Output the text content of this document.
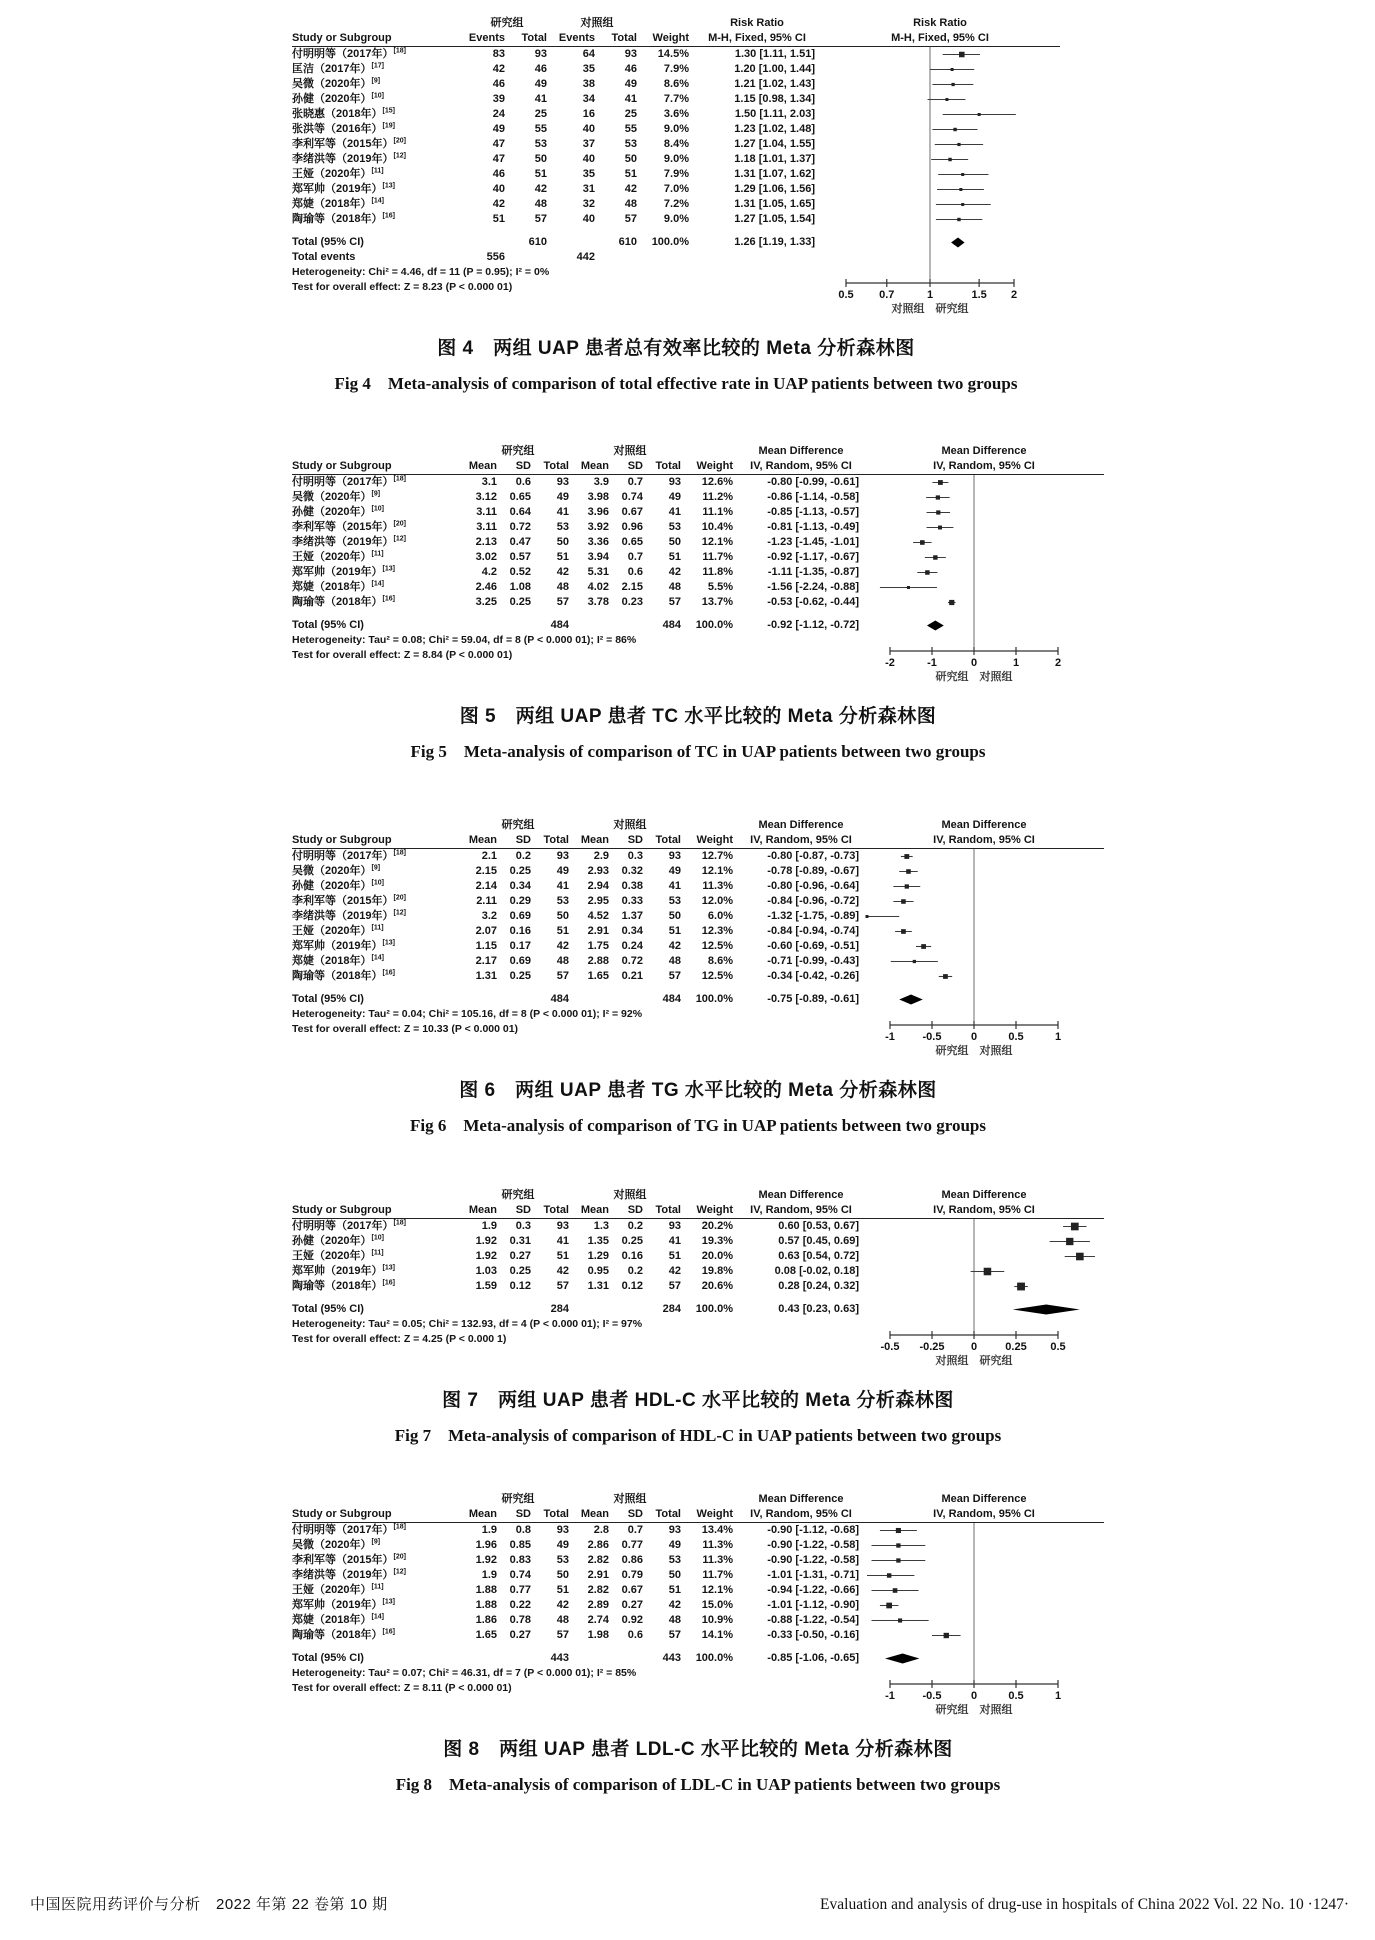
研究组	对照组	Risk Ratio	Risk Ratio
Study or Subgroup	Events	Total	Events	Total	Weight	M-H, Fixed, 95% CI	M-H, Fixed, 95% CI
付明明等（2017年）[18]	83	93	64	93	14.5%	1.30 [1.11, 1.51]
匡洁（2017年）[17]	42	46	35	46	7.9%	1.20 [1.00, 1.44]
吴微（2020年）[9]	46	49	38	49	8.6%	1.21 [1.02, 1.43]
孙健（2020年）[10]	39	41	34	41	7.7%	1.15 [0.98, 1.34]
张晓惠（2018年）[15]	24	25	16	25	3.6%	1.50 [1.11, 2.03]
张洪等（2016年）[19]	49	55	40	55	9.0%	1.23 [1.02, 1.48]
李利军等（2015年）[20]	47	53	37	53	8.4%	1.27 [1.04, 1.55]
李绪洪等（2019年）[12]	47	50	40	50	9.0%	1.18 [1.01, 1.37]
王娅（2020年）[11]	46	51	35	51	7.9%	1.31 [1.07, 1.62]
郑军帅（2019年）[13]	40	42	31	42	7.0%	1.29 [1.06, 1.56]
郑婕（2018年）[14]	42	48	32	48	7.2%	1.31 [1.05, 1.65]
陶瑜等（2018年）[16]	51	57	40	57	9.0%	1.27 [1.05, 1.54]
Total (95% CI)	610	610	100.0%	1.26 [1.19, 1.33]
Total events	556	442
Heterogeneity: Chi² = 4.46, df = 11 (P = 0.95); I² = 0%
Test for overall effect: Z = 8.23 (P < 0.000 01)
0.5 0.7	1	1.5 2
对照组　研究组
图 4　两组 UAP 患者总有效率比较的 Meta 分析森林图
Fig 4　Meta-analysis of comparison of total effective rate in UAP patients between two groups
研究组	对照组	Mean Difference	Mean Difference
Study or Subgroup	Mean	SD	Total	Mean	SD	Total	Weight	IV, Random, 95% CI	IV, Random, 95% CI
付明明等（2017年）[18]	3.1	0.6	93	3.9	0.7	93	12.6%	-0.80 [-0.99, -0.61]
吴微（2020年）[9]	3.12	0.65	49	3.98	0.74	49	11.2%	-0.86 [-1.14, -0.58]
孙健（2020年）[10]	3.11	0.64	41	3.96	0.67	41	11.1%	-0.85 [-1.13, -0.57]
李利军等（2015年）[20]	3.11	0.72	53	3.92	0.96	53	10.4%	-0.81 [-1.13, -0.49]
李绪洪等（2019年）[12]	2.13	0.47	50	3.36	0.65	50	12.1%	-1.23 [-1.45, -1.01]
王娅（2020年）[11]	3.02	0.57	51	3.94	0.7	51	11.7%	-0.92 [-1.17, -0.67]
郑军帅（2019年）[13]	4.2	0.52	42	5.31	0.6	42	11.8%	-1.11 [-1.35, -0.87]
郑婕（2018年）[14]	2.46	1.08	48	4.02	2.15	48	5.5%	-1.56 [-2.24, -0.88]
陶瑜等（2018年）[16]	3.25	0.25	57	3.78	0.23	57	13.7%	-0.53 [-0.62, -0.44]
Total (95% CI)	484	484	100.0%	-0.92 [-1.12, -0.72]
Heterogeneity: Tau² = 0.08; Chi² = 59.04, df = 8 (P < 0.000 01); I² = 86%
Test for overall effect: Z = 8.84 (P < 0.000 01)
-2	-1	0	1	2
研究组　对照组
图 5　两组 UAP 患者 TC 水平比较的 Meta 分析森林图
Fig 5　Meta-analysis of comparison of TC in UAP patients between two groups
研究组	对照组	Mean Difference	Mean Difference
Study or Subgroup	Mean	SD	Total	Mean	SD	Total	Weight	IV, Random, 95% CI	IV, Random, 95% CI
付明明等（2017年）[18]	2.1	0.2	93	2.9	0.3	93	12.7%	-0.80 [-0.87, -0.73]
吴微（2020年）[9]	2.15	0.25	49	2.93	0.32	49	12.1%	-0.78 [-0.89, -0.67]
孙健（2020年）[10]	2.14	0.34	41	2.94	0.38	41	11.3%	-0.80 [-0.96, -0.64]
李利军等（2015年）[20]	2.11	0.29	53	2.95	0.33	53	12.0%	-0.84 [-0.96, -0.72]
李绪洪等（2019年）[12]	3.2	0.69	50	4.52	1.37	50	6.0%	-1.32 [-1.75, -0.89]
王娅（2020年）[11]	2.07	0.16	51	2.91	0.34	51	12.3%	-0.84 [-0.94, -0.74]
郑军帅（2019年）[13]	1.15	0.17	42	1.75	0.24	42	12.5%	-0.60 [-0.69, -0.51]
郑婕（2018年）[14]	2.17	0.69	48	2.88	0.72	48	8.6%	-0.71 [-0.99, -0.43]
陶瑜等（2018年）[16]	1.31	0.25	57	1.65	0.21	57	12.5%	-0.34 [-0.42, -0.26]
Total (95% CI)	484	484	100.0%	-0.75 [-0.89, -0.61]
Heterogeneity: Tau² = 0.04; Chi² = 105.16, df = 8 (P < 0.000 01); I² = 92%
Test for overall effect: Z = 10.33 (P < 0.000 01)
-1	-0.5	0	0.5	1
研究组　对照组
图 6　两组 UAP 患者 TG 水平比较的 Meta 分析森林图
Fig 6　Meta-analysis of comparison of TG in UAP patients between two groups
研究组	对照组	Mean Difference	Mean Difference
Study or Subgroup	Mean	SD	Total	Mean	SD	Total	Weight	IV, Random, 95% CI	IV, Random, 95% CI
付明明等（2017年）[18]	1.9	0.3	93	1.3	0.2	93	20.2%	0.60 [0.53, 0.67]
孙健（2020年）[10]	1.92	0.31	41	1.35	0.25	41	19.3%	0.57 [0.45, 0.69]
王娅（2020年）[11]	1.92	0.27	51	1.29	0.16	51	20.0%	0.63 [0.54, 0.72]
郑军帅（2019年）[13]	1.03	0.25	42	0.95	0.2	42	19.8%	0.08 [-0.02, 0.18]
陶瑜等（2018年）[16]	1.59	0.12	57	1.31	0.12	57	20.6%	0.28 [0.24, 0.32]
Total (95% CI)	284	284	100.0%	0.43 [0.23, 0.63]
Heterogeneity: Tau² = 0.05; Chi² = 132.93, df = 4 (P < 0.000 01); I² = 97%
Test for overall effect: Z = 4.25 (P < 0.000 1)
-0.5 -0.25 0	0.25 0.5
对照组　研究组
图 7　两组 UAP 患者 HDL-C 水平比较的 Meta 分析森林图
Fig 7　Meta-analysis of comparison of HDL-C in UAP patients between two groups
研究组	对照组	Mean Difference	Mean Difference
Study or Subgroup	Mean	SD	Total	Mean	SD	Total	Weight	IV, Random, 95% CI	IV, Random, 95% CI
付明明等（2017年）[18]	1.9	0.8	93	2.8	0.7	93	13.4%	-0.90 [-1.12, -0.68]
吴微（2020年）[9]	1.96	0.85	49	2.86	0.77	49	11.3%	-0.90 [-1.22, -0.58]
李利军等（2015年）[20]	1.92	0.83	53	2.82	0.86	53	11.3%	-0.90 [-1.22, -0.58]
李绪洪等（2019年）[12]	1.9	0.74	50	2.91	0.79	50	11.7%	-1.01 [-1.31, -0.71]
王娅（2020年）[11]	1.88	0.77	51	2.82	0.67	51	12.1%	-0.94 [-1.22, -0.66]
郑军帅（2019年）[13]	1.88	0.22	42	2.89	0.27	42	15.0%	-1.01 [-1.12, -0.90]
郑婕（2018年）[14]	1.86	0.78	48	2.74	0.92	48	10.9%	-0.88 [-1.22, -0.54]
陶瑜等（2018年）[16]	1.65	0.27	57	1.98	0.6	57	14.1%	-0.33 [-0.50, -0.16]
Total (95% CI)	443	443	100.0%	-0.85 [-1.06, -0.65]
Heterogeneity: Tau² = 0.07; Chi² = 46.31, df = 7 (P < 0.000 01); I² = 85%
Test for overall effect: Z = 8.11 (P < 0.000 01)
-1	-0.5	0	0.5	1
研究组　对照组
图 8　两组 UAP 患者 LDL-C 水平比较的 Meta 分析森林图
Fig 8　Meta-analysis of comparison of LDL-C in UAP patients between two groups
中国医院用药评价与分析　2022 年第 22 卷第 10 期	Evaluation and analysis of drug-use in hospitals of China 2022 Vol. 22 No. 10 ·1247·
